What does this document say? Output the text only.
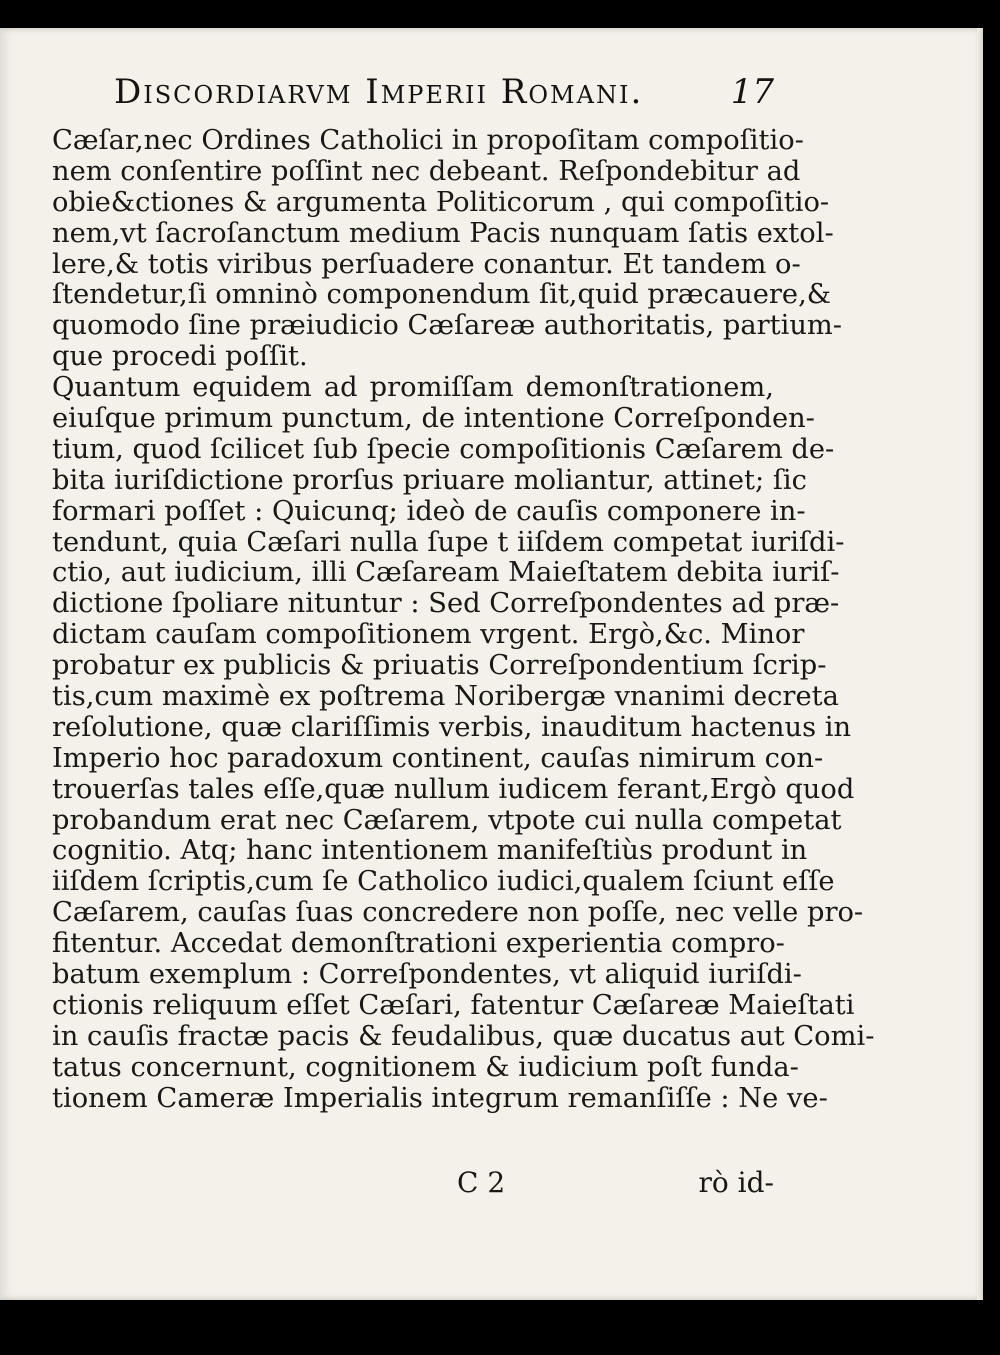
Discordiarvm Imperii Romani.	17
Cæſar,nec Ordines Catholici in propoſitam compoſitio-
nem conſentire poſſint nec debeant. Reſpondebitur ad
obie&ctiones & argumenta Politicorum , qui compoſitio-
nem,vt ſacroſanctum medium Pacis nunquam ſatis extol-
lere,& totis viribus perſuadere conantur. Et tandem o-
ſtendetur,ſi omninò componendum ſit,quid præcauere,&
quomodo ſine præiudicio Cæſareæ authoritatis, partium-
que procedi poſſit.
Quantum equidem ad promiſſam demonſtrationem,
eiuſque primum punctum, de intentione Correſponden-
tium, quod ſcilicet ſub ſpecie compoſitionis Cæſarem de-
bita iuriſdictione prorſus priuare moliantur, attinet; ſic
formari poſſet : Quicunq; ideò de cauſis componere in-
tendunt, quia Cæſari nulla ſupe t iiſdem competat iuriſdi-
ctio, aut iudicium, illi Cæſaream Maieſtatem debita iuriſ-
dictione ſpoliare nituntur : Sed Correſpondentes ad præ-
dictam cauſam compoſitionem vrgent. Ergò,&c. Minor
probatur ex publicis & priuatis Correſpondentium ſcrip-
tis,cum maximè ex poſtrema Noribergæ vnanimi decreta
reſolutione, quæ clariſſimis verbis, inauditum hactenus in
Imperio hoc paradoxum continent, cauſas nimirum con-
trouerſas tales eſſe,quæ nullum iudicem ferant,Ergò quod
probandum erat nec Cæſarem, vtpote cui nulla competat
cognitio. Atq; hanc intentionem manifeſtiùs produnt in
iiſdem ſcriptis,cum ſe Catholico iudici,qualem ſciunt eſſe
Cæſarem, cauſas ſuas concredere non poſſe, nec velle pro-
fitentur. Accedat demonſtrationi experientia compro-
batum exemplum : Correſpondentes, vt aliquid iuriſdi-
ctionis reliquum eſſet Cæſari, fatentur Cæſareæ Maieſtati
in cauſis fractæ pacis & feudalibus, quæ ducatus aut Comi-
tatus concernunt, cognitionem & iudicium poſt funda-
tionem Cameræ Imperialis integrum remanſiſſe : Ne ve-
C 2	rò id-
